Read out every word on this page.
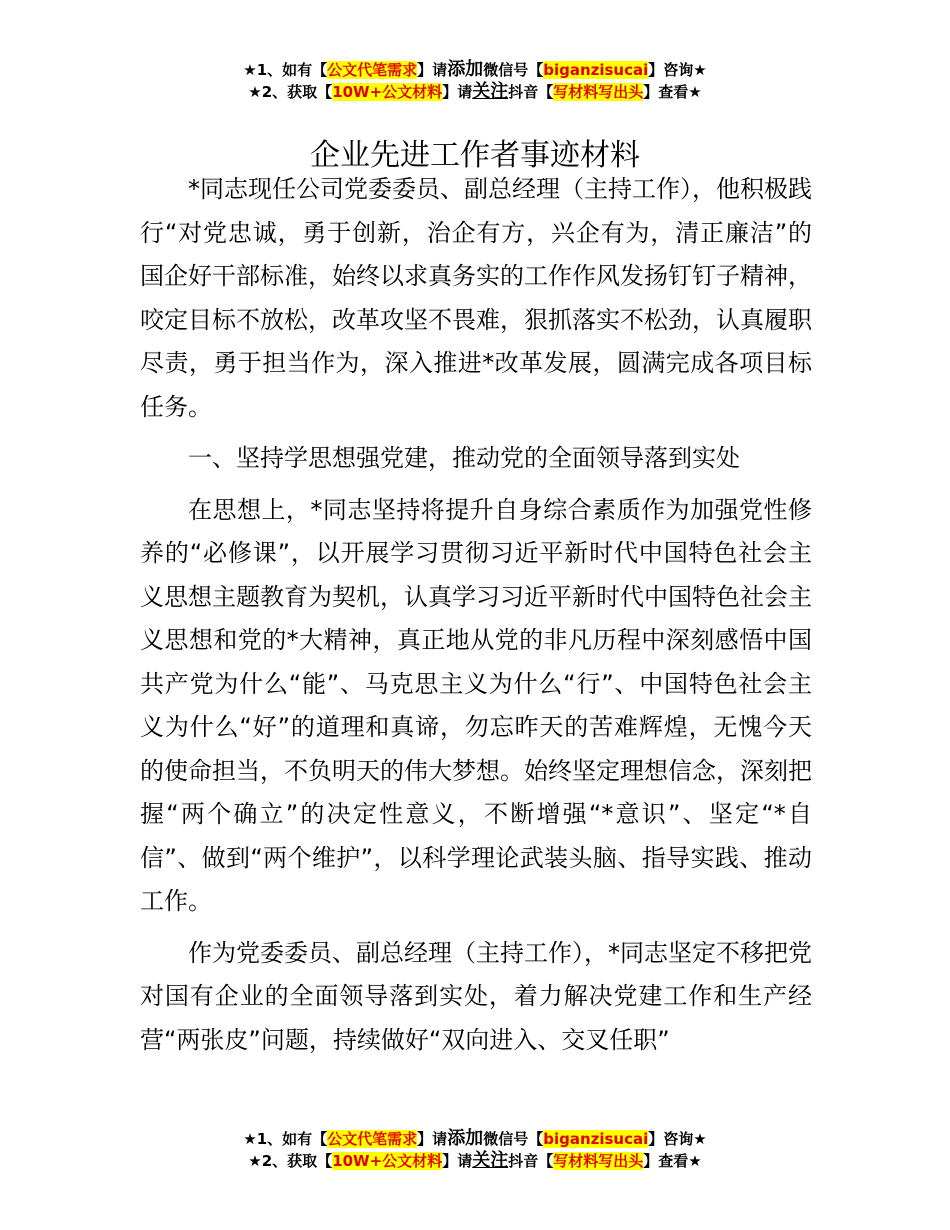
★1、如有【公文代笔需求】请添加微信号【biganzisucai】咨询★
★2、获取【10W+公文材料】请关注抖音【写材料写出头】查看★
企业先进工作者事迹材料

*同志现任公司党委委员、副总经理（主持工作），他积极践行“对党忠诚，勇于创新，治企有方，兴企有为，清正廉洁”的国企好干部标准，始终以求真务实的工作作风发扬钉钉子精神，咬定目标不放松，改革攻坚不畏难，狠抓落实不松劲，认真履职尽责，勇于担当作为，深入推进*改革发展，圆满完成各项目标任务。

一、坚持学思想强党建，推动党的全面领导落到实处

在思想上，*同志坚持将提升自身综合素质作为加强党性修养的“必修课”，以开展学习贯彻习近平新时代中国特色社会主义思想主题教育为契机，认真学习习近平新时代中国特色社会主义思想和党的*大精神，真正地从党的非凡历程中深刻感悟中国共产党为什么“能”、马克思主义为什么“行”、中国特色社会主义为什么“好”的道理和真谛，勿忘昨天的苦难辉煌，无愧今天的使命担当，不负明天的伟大梦想。始终坚定理想信念，深刻把握“两个确立”的决定性意义，不断增强“*意识”、坚定“*自信”、做到“两个维护”，以科学理论武装头脑、指导实践、推动工作。

作为党委委员、副总经理（主持工作），*同志坚定不移把党对国有企业的全面领导落到实处，着力解决党建工作和生产经营“两张皮”问题，持续做好“双向进入、交叉任职”

★1、如有【公文代笔需求】请添加微信号【biganzisucai】咨询★
★2、获取【10W+公文材料】请关注抖音【写材料写出头】查看★
